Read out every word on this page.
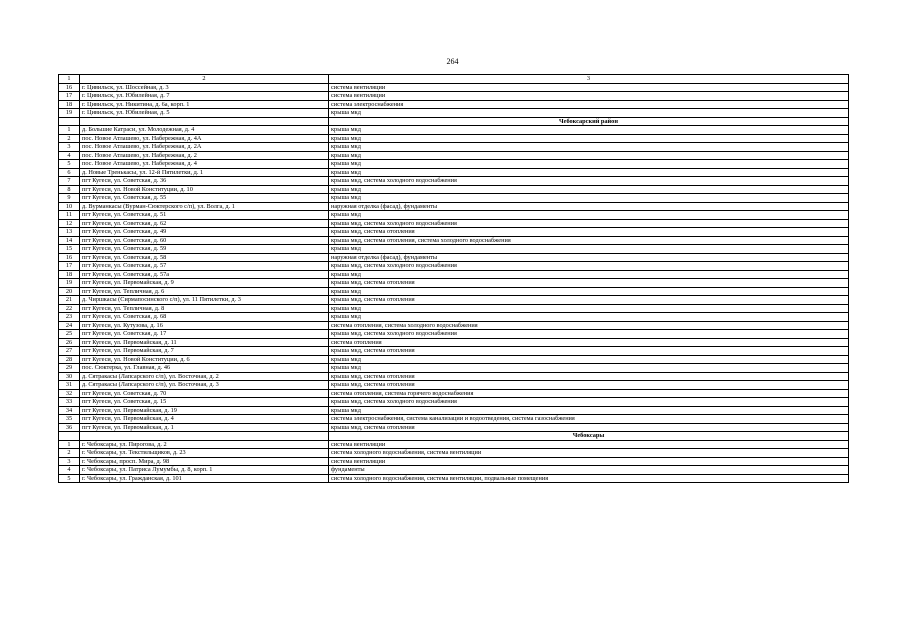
264
1	2	3
16	г. Цивильск, ул. Шоссейная, д. 3	система вентиляции
17	г. Цивильск, ул. Юбилейная, д. 7	система вентиляции
18	г. Цивильск, ул. Никитина, д. 6а, корп. 1	система электроснабжения
19	г. Цивильск, ул. Юбилейная, д. 5	крыша мкд
		Чебоксарский район
1	д. Большие Катраси, ул. Молодежная, д. 4	крыша мкд
2	пос. Новое Атлашево, ул. Набережная, д. 4А	крыша мкд
3	пос. Новое Атлашево, ул. Набережная, д. 2А	крыша мкд
4	пос. Новое Атлашево, ул. Набережная, д. 2	крыша мкд
5	пос. Новое Атлашево, ул. Набережная, д. 4	крыша мкд
6	д. Новые Тренькасы, ул. 12-й Пятилетки, д. 1	крыша мкд
7	пгт Кугеси, ул. Советская, д. 36	крыша мкд, система холодного водоснабжения
8	пгт Кугеси, ул. Новой Конституции, д. 10	крыша мкд
9	пгт Кугеси, ул. Советская, д. 55	крыша мкд
10	д. Вурманкасы (Вурман-Сюктерского с/п), ул. Волга, д. 1	наружная отделка (фасад), фундаменты
11	пгт Кугеси, ул. Советская, д. 51	крыша мкд
12	пгт Кугеси, ул. Советская, д. 62	крыша мкд, система холодного водоснабжения
13	пгт Кугеси, ул. Советская, д. 49	крыша мкд, система отопления
14	пгт Кугеси, ул. Советская, д. 60	крыша мкд, система отопления, система холодного водоснабжения
15	пгт Кугеси, ул. Советская, д. 59	крыша мкд
16	пгт Кугеси, ул. Советская, д. 58	наружная отделка (фасад), фундаменты
17	пгт Кугеси, ул. Советская, д. 57	крыша мкд, система холодного водоснабжения
18	пгт Кугеси, ул. Советская, д. 57а	крыша мкд
19	пгт Кугеси, ул. Первомайская, д. 9	крыша мкд, система отопления
20	пгт Кугеси, ул. Тепличная, д. 6	крыша мкд
21	д. Чиршкасы (Сирмапосинского с/п), ул. 11 Пятилетки, д. 3	крыша мкд, система отопления
22	пгт Кугеси, ул. Тепличная, д. 8	крыша мкд
23	пгт Кугеси, ул. Советская, д. 68	крыша мкд
24	пгт Кугеси, ул. Кутузова, д. 16	система отопления, система холодного водоснабжения
25	пгт Кугеси, ул. Советская, д. 17	крыша мкд, система холодного водоснабжения
26	пгт Кугеси, ул. Первомайская, д. 11	система отопления
27	пгт Кугеси, ул. Первомайская, д. 7	крыша мкд, система отопления
28	пгт Кугеси, ул. Новой Конституции, д. 6	крыша мкд
29	пос. Сюктерка, ул. Главная, д. 46	крыша мкд
30	д. Сятракасы (Лапсарского с/п), ул. Восточная, д. 2	крыша мкд, система отопления
31	д. Сятракасы (Лапсарского с/п), ул. Восточная, д. 3	крыша мкд, система отопления
32	пгт Кугеси, ул. Советская, д. 70	система отопления, система горячего водоснабжения
33	пгт Кугеси, ул. Советская, д. 15	крыша мкд, система холодного водоснабжения
34	пгт Кугеси, ул. Первомайская, д. 19	крыша мкд
35	пгт Кугеси, ул. Первомайская, д. 4	система электроснабжения, система канализации и водоотведения, система газоснабжения
36	пгт Кугеси, ул. Первомайская, д. 1	крыша мкд, система отопления
		Чебоксары
1	г. Чебоксары, ул. Пирогова, д. 2	система вентиляции
2	г. Чебоксары, ул. Текстильщиков, д. 23	система холодного водоснабжения, система вентиляции
3	г. Чебоксары, просп. Мира, д. 98	система вентиляции
4	г. Чебоксары, ул. Патриса Лумумбы, д. 8, корп. 1	фундаменты
5	г. Чебоксары, ул. Гражданская, д. 101	система холодного водоснабжения, система вентиляции, подвальные помещения
